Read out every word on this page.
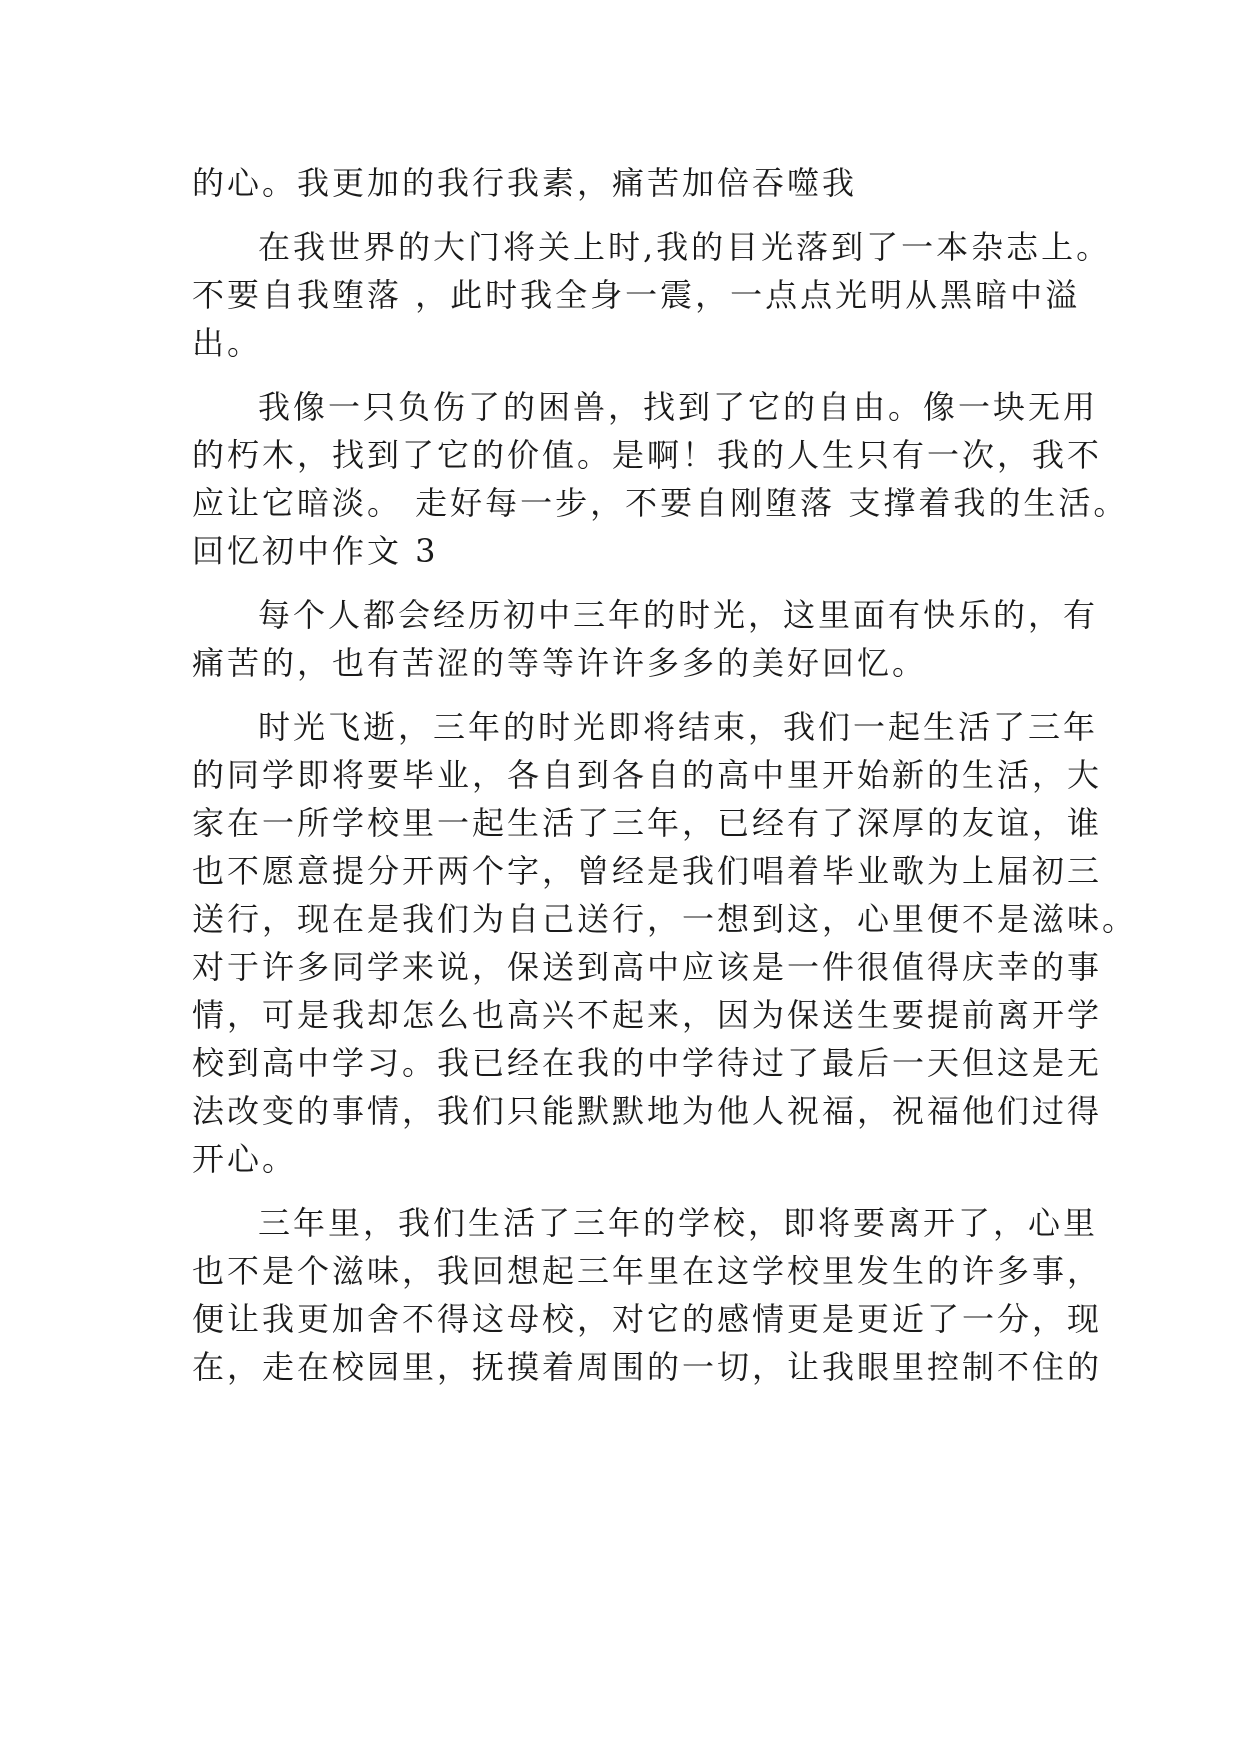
的心。我更加的我行我素，痛苦加倍吞噬我
在我世界的大门将关上时,我的目光落到了一本杂志上。
不要自我堕落 ，此时我全身一震，一点点光明从黑暗中溢
出。
我像一只负伤了的困兽，找到了它的自由。像一块无用
的朽木，找到了它的价值。是啊！我的人生只有一次，我不
应让它暗淡。 走好每一步，不要自刚堕落 支撑着我的生活。
回忆初中作文 3
每个人都会经历初中三年的时光，这里面有快乐的，有
痛苦的，也有苦涩的等等许许多多的美好回忆。
时光飞逝，三年的时光即将结束，我们一起生活了三年
的同学即将要毕业，各自到各自的高中里开始新的生活，大
家在一所学校里一起生活了三年，已经有了深厚的友谊，谁
也不愿意提分开两个字，曾经是我们唱着毕业歌为上届初三
送行，现在是我们为自己送行，一想到这，心里便不是滋味。
对于许多同学来说，保送到高中应该是一件很值得庆幸的事
情，可是我却怎么也高兴不起来，因为保送生要提前离开学
校到高中学习。我已经在我的中学待过了最后一天但这是无
法改变的事情，我们只能默默地为他人祝福，祝福他们过得
开心。
三年里，我们生活了三年的学校，即将要离开了，心里
也不是个滋味，我回想起三年里在这学校里发生的许多事，
便让我更加舍不得这母校，对它的感情更是更近了一分，现
在，走在校园里，抚摸着周围的一切，让我眼里控制不住的
